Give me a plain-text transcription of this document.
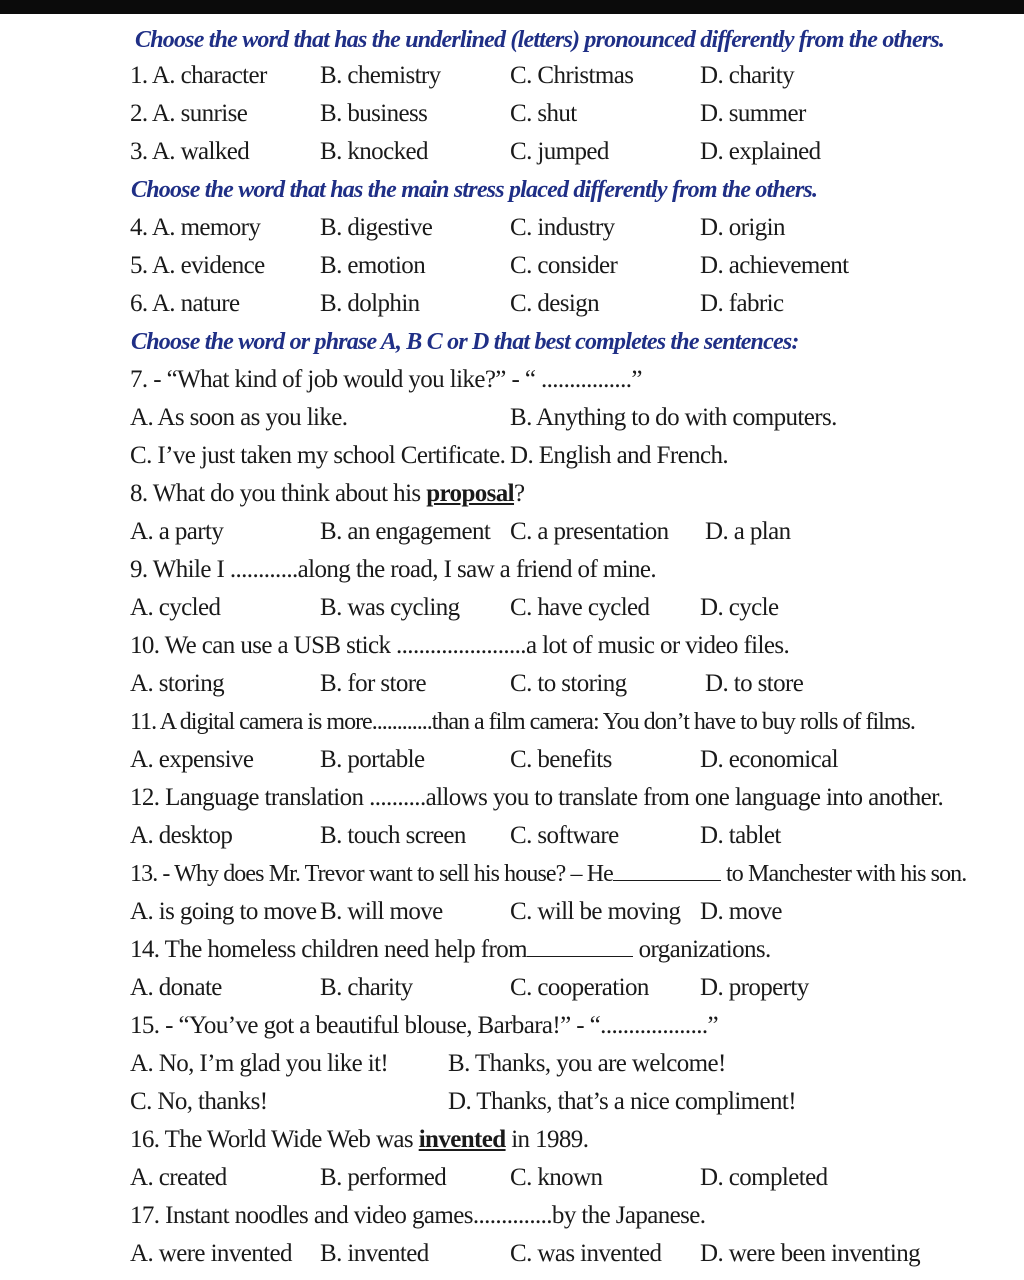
Choose the word that has the underlined (letters) pronounced differently from the others.
1. A. character B. chemistry	C. Christmas	D. charity
2. A. sunrise	B. business	C. shut	D. summer
3. A. walked	B. knocked	C. jumped	D. explained
Choose the word that has the main stress placed differently from the others.
4. A. memory B. digestive	C. industry	D. origin
5. A. evidence B. emotion	C. consider	D. achievement
6. A. nature	B. dolphin	C. design	D. fabric
Choose the word or phrase A, B C or D that best completes the sentences:
7. - “What kind of job would you like?” - “ ................”
A. As soon as you like.	B. Anything to do with computers.
C. I’ve just taken my school Certificate. D. English and French.
8. What do you think about his proposal?
A. a party	B. an engagement C. a presentation D. a plan
9. While I ............along the road, I saw a friend of mine.
A. cycled	B. was cycling C. have cycled D. cycle
10. We can use a USB stick .......................a lot of music or video files.
A. storing	B. for store	C. to storing	D. to store
11. A digital camera is more............than a film camera: You don’t have to buy rolls of films.
A. expensive	B. portable	C. benefits	D. economical
12. Language translation ..........allows you to translate from one language into another.
A. desktop	B. touch screen C. software	D. tablet
13. - Why does Mr. Trevor want to sell his house? – He	to Manchester with his son.
A. is going to move B. will move	C. will be moving D. move
14. The homeless children need help from	organizations.
A. donate	B. charity	C. cooperation D. property
15. - “You’ve got a beautiful blouse, Barbara!” - “...................”
A. No, I’m glad you like it! B. Thanks, you are welcome!
C. No, thanks!	D. Thanks, that’s a nice compliment!
16. The World Wide Web was invented in 1989.
A. created	B. performed	C. known	D. completed
17. Instant noodles and video games..............by the Japanese.
A. were invented B. invented	C. was invented D. were been inventing
